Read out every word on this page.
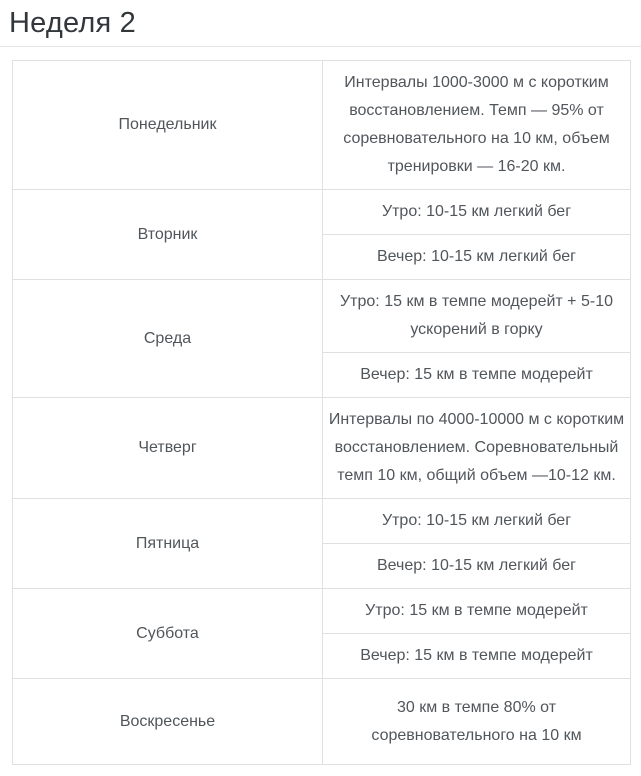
Неделя 2
Понедельник	Интервалы 1000-3000 м с коротким восстановлением. Темп — 95% от соревновательного на 10 км, объем тренировки — 16-20 км.
Вторник	Утро: 10-15 км легкий бег
	Вечер: 10-15 км легкий бег
Среда	Утро: 15 км в темпе модерейт + 5-10 ускорений в горку
	Вечер: 15 км в темпе модерейт
Четверг	Интервалы по 4000-10000 м с коротким восстановлением. Соревновательный темп 10 км, общий объем —10-12 км.
Пятница	Утро: 10-15 км легкий бег
	Вечер: 10-15 км легкий бег
Суббота	Утро: 15 км в темпе модерейт
	Вечер: 15 км в темпе модерейт
Воскресенье	30 км в темпе 80% от соревновательного на 10 км
